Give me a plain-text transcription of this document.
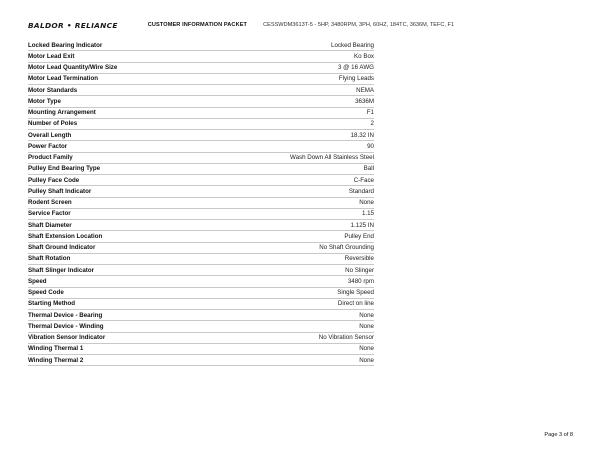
BALDOR • RELIANCE	CUSTOMER INFORMATION PACKET	CESSWDM3613T-5 - 5HP, 3480RPM, 3PH, 60HZ, 184TC, 3636M, TEFC, F1
Locked Bearing Indicator	Locked Bearing
Motor Lead Exit	Ko Box
Motor Lead Quantity/Wire Size	3 @ 16 AWG
Motor Lead Termination	Flying Leads
Motor Standards	NEMA
Motor Type	3636M
Mounting Arrangement	F1
Number of Poles	2
Overall Length	18.32 IN
Power Factor	90
Product Family	Wash Down All Stainless Steel
Pulley End Bearing Type	Ball
Pulley Face Code	C-Face
Pulley Shaft Indicator	Standard
Rodent Screen	None
Service Factor	1.15
Shaft Diameter	1.125 IN
Shaft Extension Location	Pulley End
Shaft Ground Indicator	No Shaft Grounding
Shaft Rotation	Reversible
Shaft Slinger Indicator	No Slinger
Speed	3480 rpm
Speed Code	Single Speed
Starting Method	Direct on line
Thermal Device - Bearing	None
Thermal Device - Winding	None
Vibration Sensor Indicator	No Vibration Sensor
Winding Thermal 1	None
Winding Thermal 2	None
Page 3 of 8
